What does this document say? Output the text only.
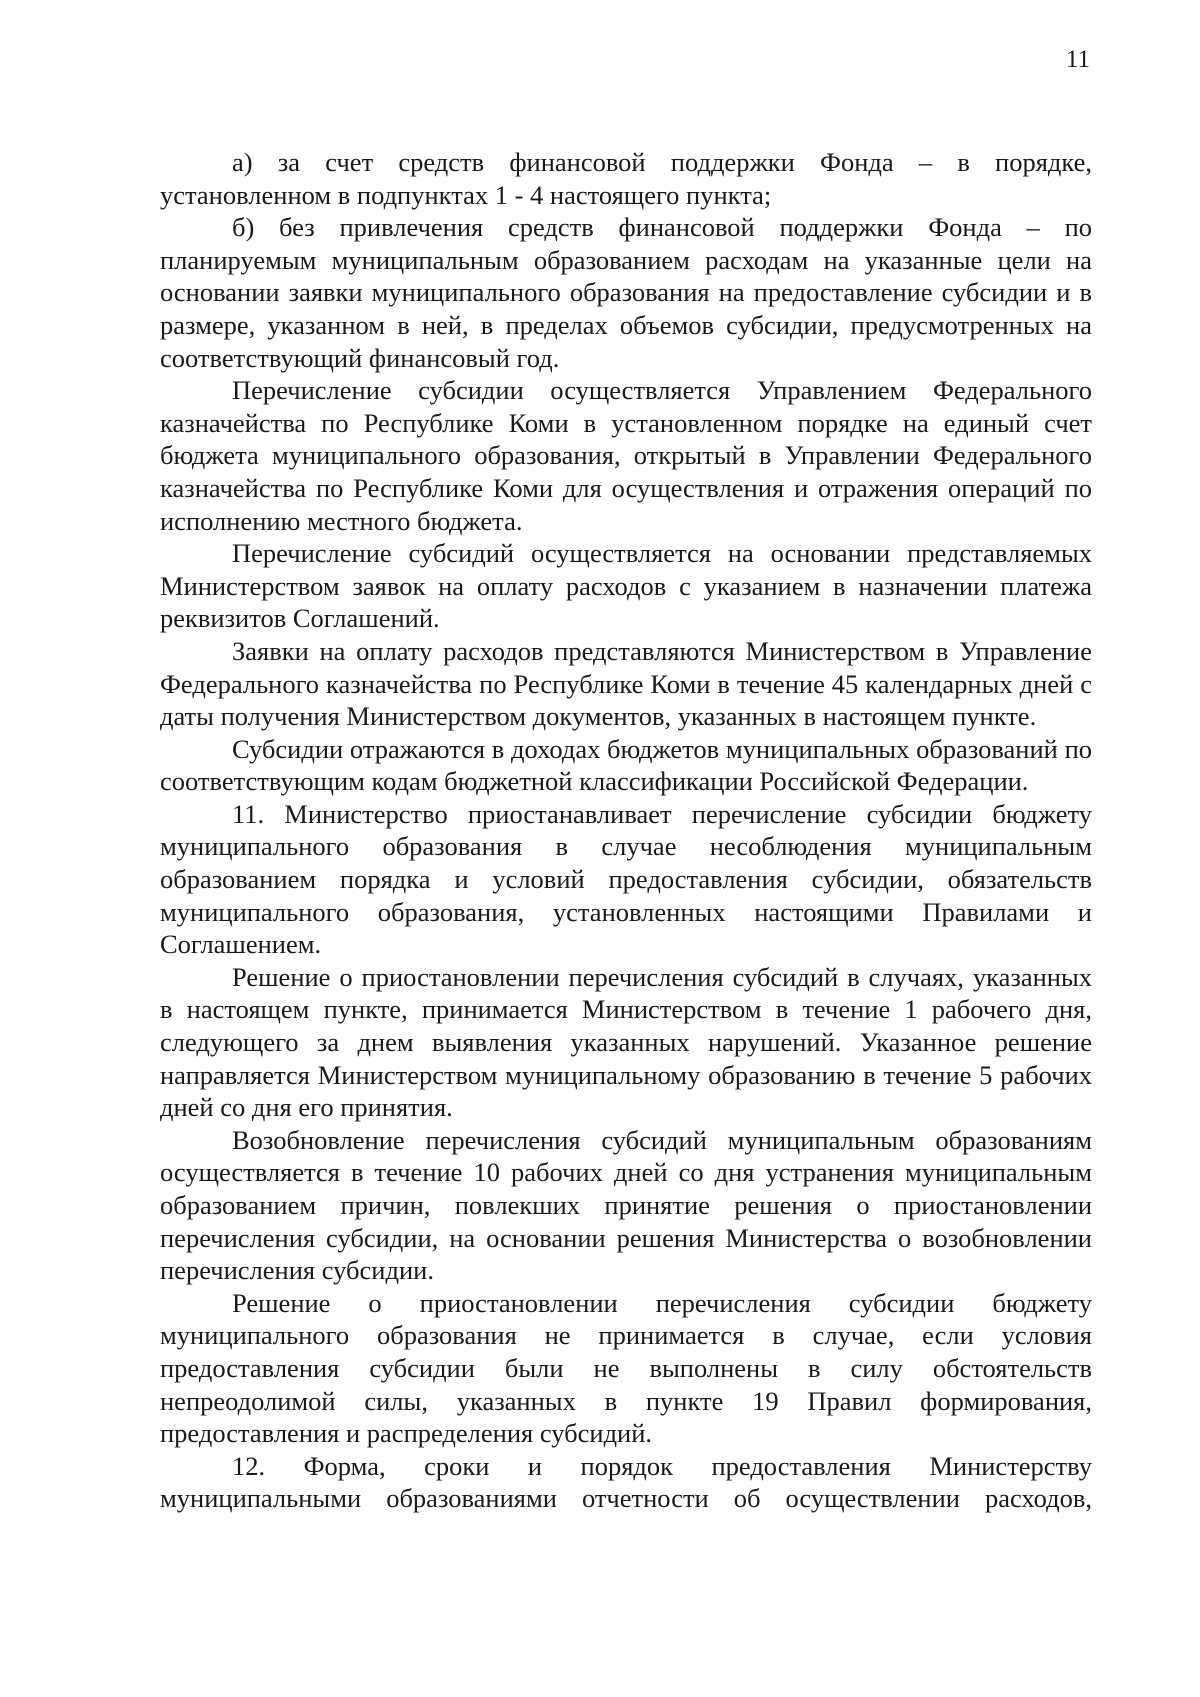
11

а) за счет средств финансовой поддержки Фонда – в порядке, установленном в подпунктах 1 - 4 настоящего пункта;

б) без привлечения средств финансовой поддержки Фонда – по планируемым муниципальным образованием расходам на указанные цели на основании заявки муниципального образования на предоставление субсидии и в размере, указанном в ней, в пределах объемов субсидии, предусмотренных на соответствующий финансовый год.

Перечисление субсидии осуществляется Управлением Федерального казначейства по Республике Коми в установленном порядке на единый счет бюджета муниципального образования, открытый в Управлении Федерального казначейства по Республике Коми для осуществления и отражения операций по исполнению местного бюджета.

Перечисление субсидий осуществляется на основании представляемых Министерством заявок на оплату расходов с указанием в назначении платежа реквизитов Соглашений.

Заявки на оплату расходов представляются Министерством в Управление Федерального казначейства по Республике Коми в течение 45 календарных дней с даты получения Министерством документов, указанных в настоящем пункте.

Субсидии отражаются в доходах бюджетов муниципальных образований по соответствующим кодам бюджетной классификации Российской Федерации.

11. Министерство приостанавливает перечисление субсидии бюджету муниципального образования в случае несоблюдения муниципальным образованием порядка и условий предоставления субсидии, обязательств муниципального образования, установленных настоящими Правилами и Соглашением.

Решение о приостановлении перечисления субсидий в случаях, указанных в настоящем пункте, принимается Министерством в течение 1 рабочего дня, следующего за днем выявления указанных нарушений. Указанное решение направляется Министерством муниципальному образованию в течение 5 рабочих дней со дня его принятия.

Возобновление перечисления субсидий муниципальным образованиям осуществляется в течение 10 рабочих дней со дня устранения муниципальным образованием причин, повлекших принятие решения о приостановлении перечисления субсидии, на основании решения Министерства о возобновлении перечисления субсидии.

Решение о приостановлении перечисления субсидии бюджету муниципального образования не принимается в случае, если условия предоставления субсидии были не выполнены в силу обстоятельств непреодолимой силы, указанных в пункте 19 Правил формирования, предоставления и распределения субсидий.

12. Форма, сроки и порядок предоставления Министерству муниципальными образованиями отчетности об осуществлении расходов,
